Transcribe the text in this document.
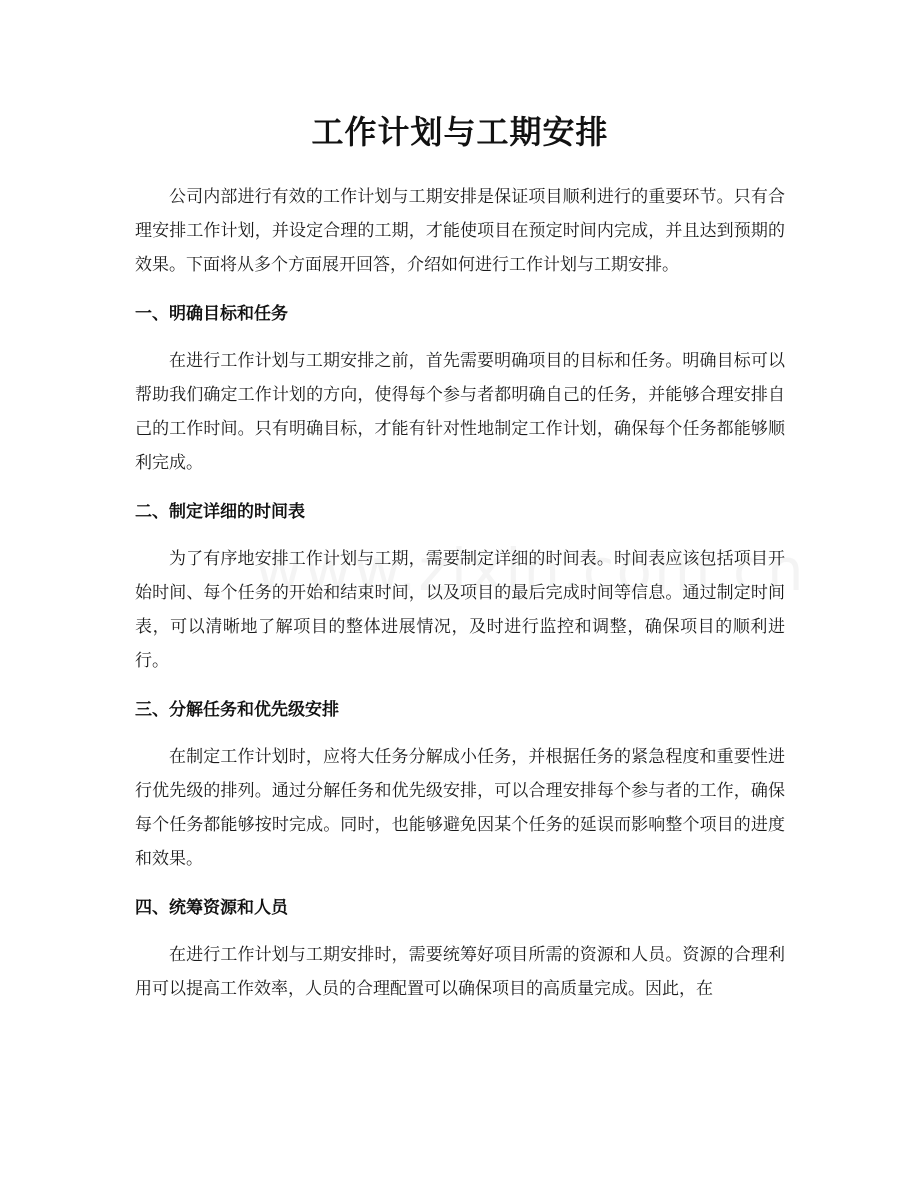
工作计划与工期安排

公司内部进行有效的工作计划与工期安排是保证项目顺利进行的重要环节。只有合理安排工作计划，并设定合理的工期，才能使项目在预定时间内完成，并且达到预期的效果。下面将从多个方面展开回答，介绍如何进行工作计划与工期安排。

一、明确目标和任务

在进行工作计划与工期安排之前，首先需要明确项目的目标和任务。明确目标可以帮助我们确定工作计划的方向，使得每个参与者都明确自己的任务，并能够合理安排自己的工作时间。只有明确目标，才能有针对性地制定工作计划，确保每个任务都能够顺利完成。

二、制定详细的时间表

为了有序地安排工作计划与工期，需要制定详细的时间表。时间表应该包括项目开始时间、每个任务的开始和结束时间，以及项目的最后完成时间等信息。通过制定时间表，可以清晰地了解项目的整体进展情况，及时进行监控和调整，确保项目的顺利进行。

三、分解任务和优先级安排

在制定工作计划时，应将大任务分解成小任务，并根据任务的紧急程度和重要性进行优先级的排列。通过分解任务和优先级安排，可以合理安排每个参与者的工作，确保每个任务都能够按时完成。同时，也能够避免因某个任务的延误而影响整个项目的进度和效果。

四、统筹资源和人员

在进行工作计划与工期安排时，需要统筹好项目所需的资源和人员。资源的合理利用可以提高工作效率，人员的合理配置可以确保项目的高质量完成。因此，在
